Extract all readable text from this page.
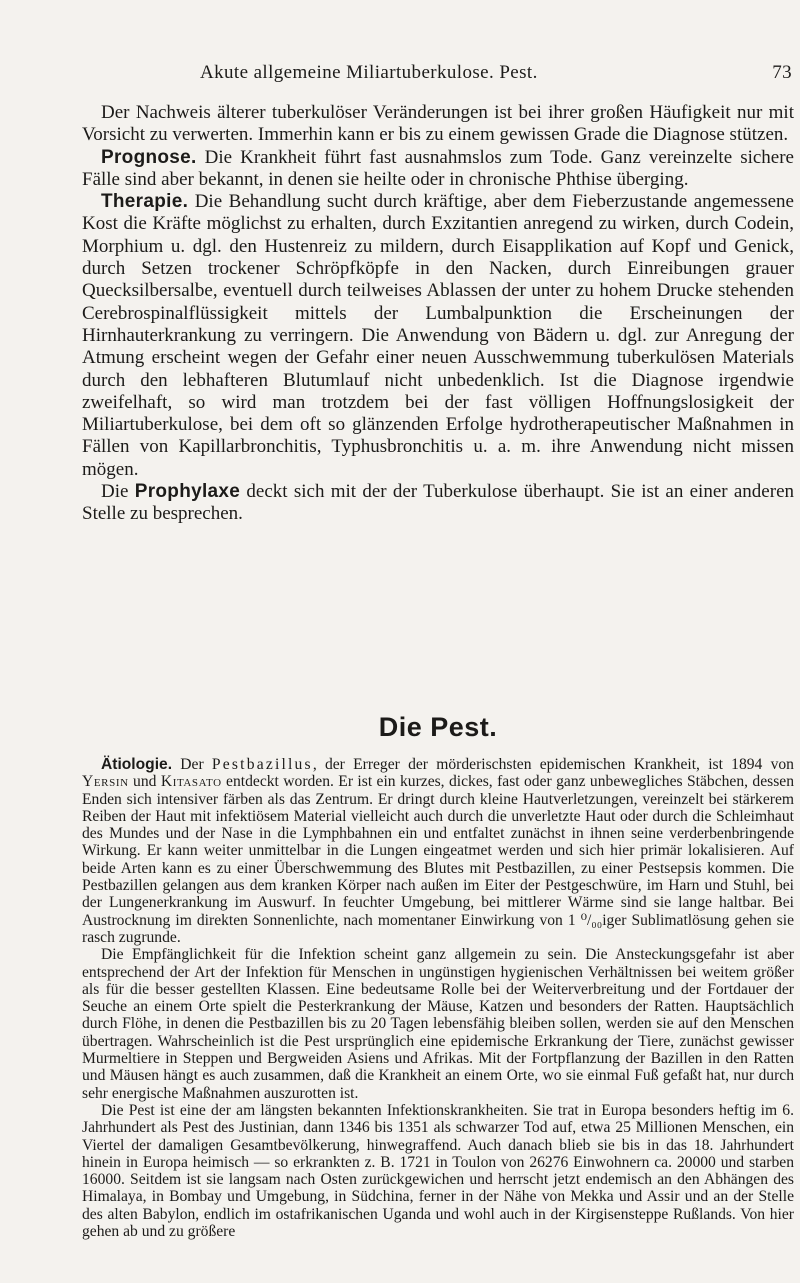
Akute allgemeine Miliartuberkulose. Pest.	73

Der Nachweis älterer tuberkulöser Veränderungen ist bei ihrer großen Häufigkeit nur mit Vorsicht zu verwerten. Immerhin kann er bis zu einem gewissen Grade die Diagnose stützen.

Prognose. Die Krankheit führt fast ausnahmslos zum Tode. Ganz vereinzelte sichere Fälle sind aber bekannt, in denen sie heilte oder in chronische Phthise überging.

Therapie. Die Behandlung sucht durch kräftige, aber dem Fieberzustande angemessene Kost die Kräfte möglichst zu erhalten, durch Exzitantien anregend zu wirken, durch Codein, Morphium u. dgl. den Hustenreiz zu mildern, durch Eisapplikation auf Kopf und Genick, durch Setzen trockener Schröpfköpfe in den Nacken, durch Einreibungen grauer Quecksilbersalbe, eventuell durch teilweises Ablassen der unter zu hohem Drucke stehenden Cerebrospinalflüssigkeit mittels der Lumbalpunktion die Erscheinungen der Hirnhauterkrankung zu verringern. Die Anwendung von Bädern u. dgl. zur Anregung der Atmung erscheint wegen der Gefahr einer neuen Ausschwemmung tuberkulösen Materials durch den lebhafteren Blutumlauf nicht unbedenklich. Ist die Diagnose irgendwie zweifelhaft, so wird man trotzdem bei der fast völligen Hoffnungslosigkeit der Miliartuberkulose, bei dem oft so glänzenden Erfolge hydrotherapeutischer Maßnahmen in Fällen von Kapillarbronchitis, Typhusbronchitis u. a. m. ihre Anwendung nicht missen mögen.

Die Prophylaxe deckt sich mit der der Tuberkulose überhaupt. Sie ist an einer anderen Stelle zu besprechen.

Die Pest.

Ätiologie. Der Pestbazillus, der Erreger der mörderischsten epidemischen Krankheit, ist 1894 von Yersin und Kitasato entdeckt worden. Er ist ein kurzes, dickes, fast oder ganz unbewegliches Stäbchen, dessen Enden sich intensiver färben als das Zentrum. Er dringt durch kleine Hautverletzungen, vereinzelt bei stärkerem Reiben der Haut mit infektiösem Material vielleicht auch durch die unverletzte Haut oder durch die Schleimhaut des Mundes und der Nase in die Lymphbahnen ein und entfaltet zunächst in ihnen seine verderbenbringende Wirkung. Er kann weiter unmittelbar in die Lungen eingeatmet werden und sich hier primär lokalisieren. Auf beide Arten kann es zu einer Überschwemmung des Blutes mit Pestbazillen, zu einer Pestsepsis kommen. Die Pestbazillen gelangen aus dem kranken Körper nach außen im Eiter der Pestgeschwüre, im Harn und Stuhl, bei der Lungenerkrankung im Auswurf. In feuchter Umgebung, bei mittlerer Wärme sind sie lange haltbar. Bei Austrocknung im direkten Sonnenlichte, nach momentaner Einwirkung von 1 ⁰/₀₀iger Sublimatlösung gehen sie rasch zugrunde.

Die Empfänglichkeit für die Infektion scheint ganz allgemein zu sein. Die Ansteckungsgefahr ist aber entsprechend der Art der Infektion für Menschen in ungünstigen hygienischen Verhältnissen bei weitem größer als für die besser gestellten Klassen. Eine bedeutsame Rolle bei der Weiterverbreitung und der Fortdauer der Seuche an einem Orte spielt die Pesterkrankung der Mäuse, Katzen und besonders der Ratten. Hauptsächlich durch Flöhe, in denen die Pestbazillen bis zu 20 Tagen lebensfähig bleiben sollen, werden sie auf den Menschen übertragen. Wahrscheinlich ist die Pest ursprünglich eine epidemische Erkrankung der Tiere, zunächst gewisser Murmeltiere in Steppen und Bergweiden Asiens und Afrikas. Mit der Fortpflanzung der Bazillen in den Ratten und Mäusen hängt es auch zusammen, daß die Krankheit an einem Orte, wo sie einmal Fuß gefaßt hat, nur durch sehr energische Maßnahmen auszurotten ist.

Die Pest ist eine der am längsten bekannten Infektionskrankheiten. Sie trat in Europa besonders heftig im 6. Jahrhundert als Pest des Justinian, dann 1346 bis 1351 als schwarzer Tod auf, etwa 25 Millionen Menschen, ein Viertel der damaligen Gesamtbevölkerung, hinwegraffend. Auch danach blieb sie bis in das 18. Jahrhundert hinein in Europa heimisch — so erkrankten z. B. 1721 in Toulon von 26276 Einwohnern ca. 20000 und starben 16000. Seitdem ist sie langsam nach Osten zurückgewichen und herrscht jetzt endemisch an den Abhängen des Himalaya, in Bombay und Umgebung, in Südchina, ferner in der Nähe von Mekka und Assir und an der Stelle des alten Babylon, endlich im ostafrikanischen Uganda und wohl auch in der Kirgisensteppe Rußlands. Von hier gehen ab und zu größere
